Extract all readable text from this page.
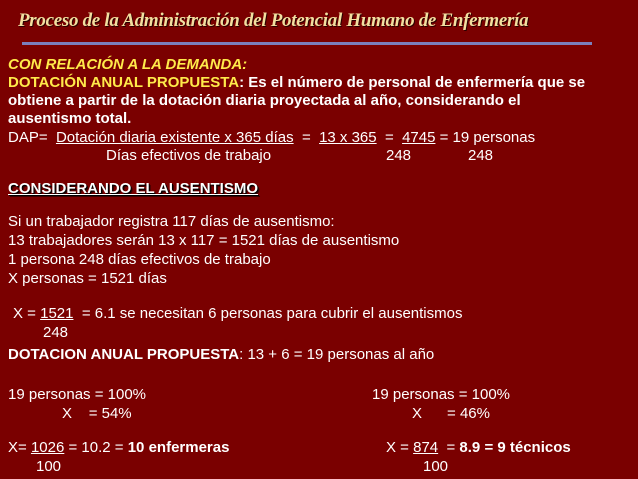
Proceso de la Administración del Potencial Humano de Enfermería
CON RELACIÓN A LA DEMANDA:
DOTACIÓN ANUAL PROPUESTA: Es el número de personal de enfermería que se
obtiene a partir de la dotación diaria proyectada al año, considerando el
ausentismo total.
DAP= Dotación diaria existente x 365 días = 13 x 365 = 4745 = 19 personas
Días efectivos de trabajo	248	248
CONSIDERANDO EL AUSENTISMO
Si un trabajador registra 117 días de ausentismo:
13 trabajadores serán 13 x 117 = 1521 días de ausentismo
1 persona 248 días efectivos de trabajo
X personas = 1521 días
X = 1521 = 6.1 se necesitan 6 personas para cubrir el ausentismos
248
DOTACION ANUAL PROPUESTA: 13 + 6 = 19 personas al año
19 personas = 100%
X = 54%
X= 1026 = 10.2 = 10 enfermeras
100
19 personas = 100%
X = 46%
X = 874 = 8.9 = 9 técnicos
100
